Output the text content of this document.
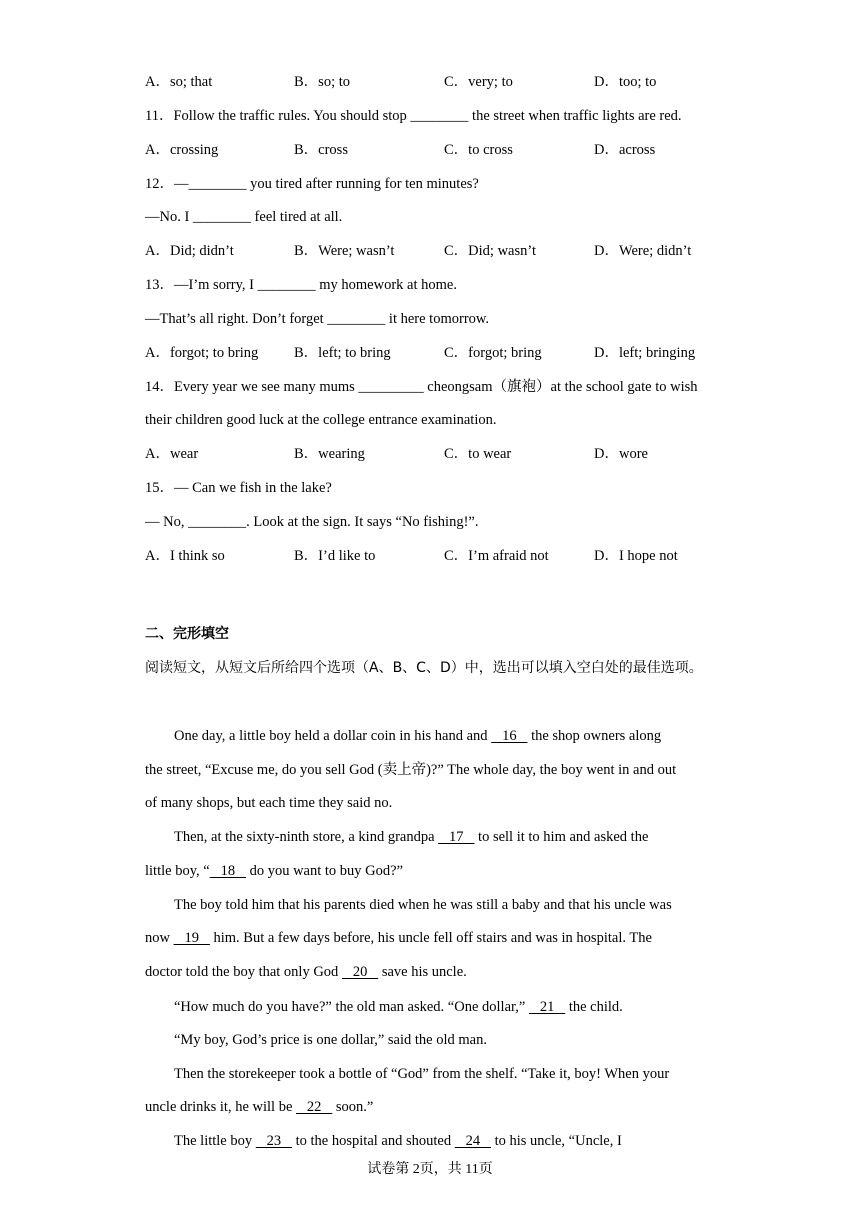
A．so; that	B．so; to	C．very; to	D．too; to
11．Follow the traffic rules. You should stop ________ the street when traffic lights are red.
A．crossing	B．cross	C．to cross	D．across
12．—________ you tired after running for ten minutes?
—No. I ________ feel tired at all.
A．Did; didn’t	B．Were; wasn’t	C．Did; wasn’t	D．Were; didn’t
13．—I’m sorry, I ________ my homework at home.
—That’s all right. Don’t forget ________ it here tomorrow.
A．forgot; to bring B．left; to bring	C．forgot; bring	D．left; bringing
14．Every year we see many mums _________ cheongsam（旗袍）at the school gate to wish
their children good luck at the college entrance examination.
A．wear	B．wearing	C．to wear	D．wore
15．— Can we fish in the lake?
— No, ________. Look at the sign. It says “No fishing!”.
A．I think so	B．I’d like to	C．I’m afraid not	D．I hope not
二、完形填空
阅读短文，从短文后所给四个选项（A、B、C、D）中，选出可以填入空白处的最佳选项。
One day, a little boy held a dollar coin in his hand and    16    the shop owners along
the street, “Excuse me, do you sell God (卖上帝)?” The whole day, the boy went in and out
of many shops, but each time they said no.
Then, at the sixty-ninth store, a kind grandpa    17    to sell it to him and asked the
little boy, “   18    do you want to buy God?”
The boy told him that his parents died when he was still a baby and that his uncle was
now    19    him. But a few days before, his uncle fell off stairs and was in hospital. The
doctor told the boy that only God    20    save his uncle.
“How much do you have?” the old man asked. “One dollar,”    21    the child.
“My boy, God’s price is one dollar,” said the old man.
Then the storekeeper took a bottle of “God” from the shelf. “Take it, boy! When your
uncle drinks it, he will be    22    soon.”
The little boy    23    to the hospital and shouted    24    to his uncle, “Uncle, I
试卷第 2页，共 11页
